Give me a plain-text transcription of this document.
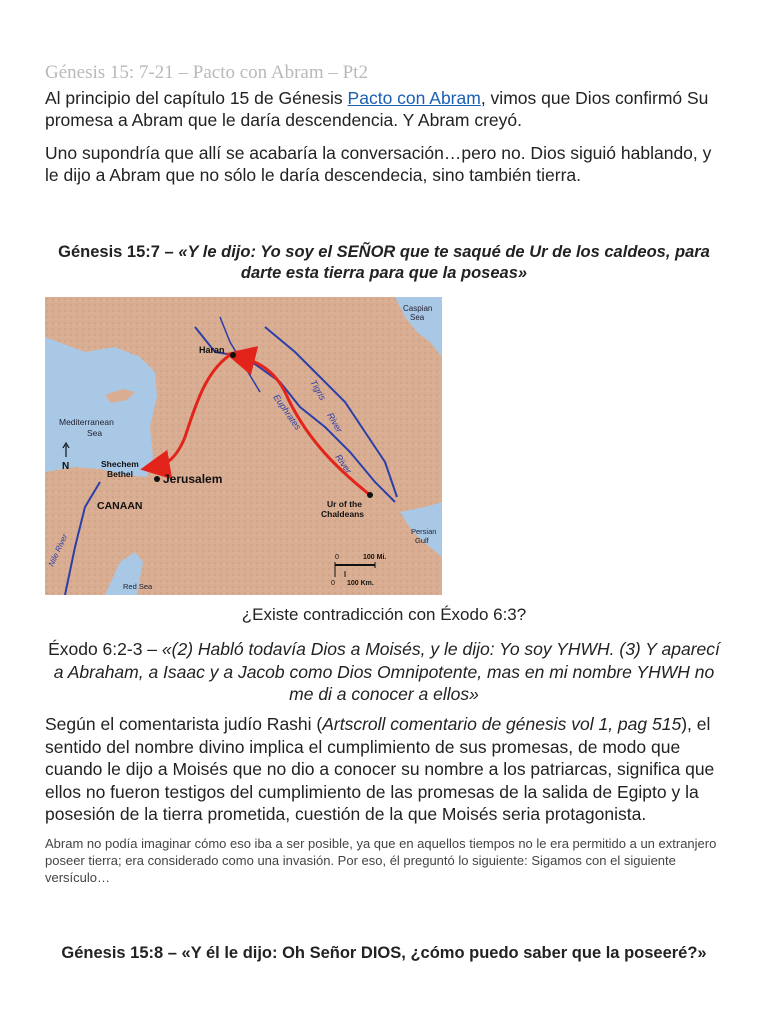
Génesis 15: 7-21 – Pacto con Abram – Pt2

Al principio del capítulo 15 de Génesis Pacto con Abram, vimos que Dios confirmó Su promesa a Abram que le daría descendencia. Y Abram creyó.

Uno supondría que allí se acabaría la conversación…pero no. Dios siguió hablando, y le dijo a Abram que no sólo le daría descendecia, sino también tierra.

Génesis 15:7 – «Y le dijo: Yo soy el SEÑOR que te saqué de Ur de los caldeos, para darte esta tierra para que la poseas»

Caspian
Sea
Haran
Tigris
River
Euphrates
River
Mediterranean
Sea
N	Shechem
Bethel	Jerusalem
CANAAN
Nile River
Red Sea
Ur of the
Chaldeans
Persian
Gulf
0	100 Mi.
0 100 Km.

¿Existe contradicción con Éxodo 6:3?

Éxodo 6:2-3 – «(2) Habló todavía Dios a Moisés, y le dijo: Yo soy YHWH. (3) Y aparecí a Abraham, a Isaac y a Jacob como Dios Omnipotente, mas en mi nombre YHWH no me di a conocer a ellos»

Según el comentarista judío Rashi (Artscroll comentario de génesis vol 1, pag 515), el sentido del nombre divino implica el cumplimiento de sus promesas, de modo que cuando le dijo a Moisés que no dio a conocer su nombre a los patriarcas, significa que ellos no fueron testigos del cumplimiento de las promesas de la salida de Egipto y la posesión de la tierra prometida, cuestión de la que Moisés seria protagonista.

Abram no podía imaginar cómo eso iba a ser posible, ya que en aquellos tiempos no le era permitido a un extranjero poseer tierra; era considerado como una invasión. Por eso, él preguntó lo siguiente: Sigamos con el siguiente versículo…

Génesis 15:8 – «Y él le dijo: Oh Señor DIOS, ¿cómo puedo saber que la poseeré?»
